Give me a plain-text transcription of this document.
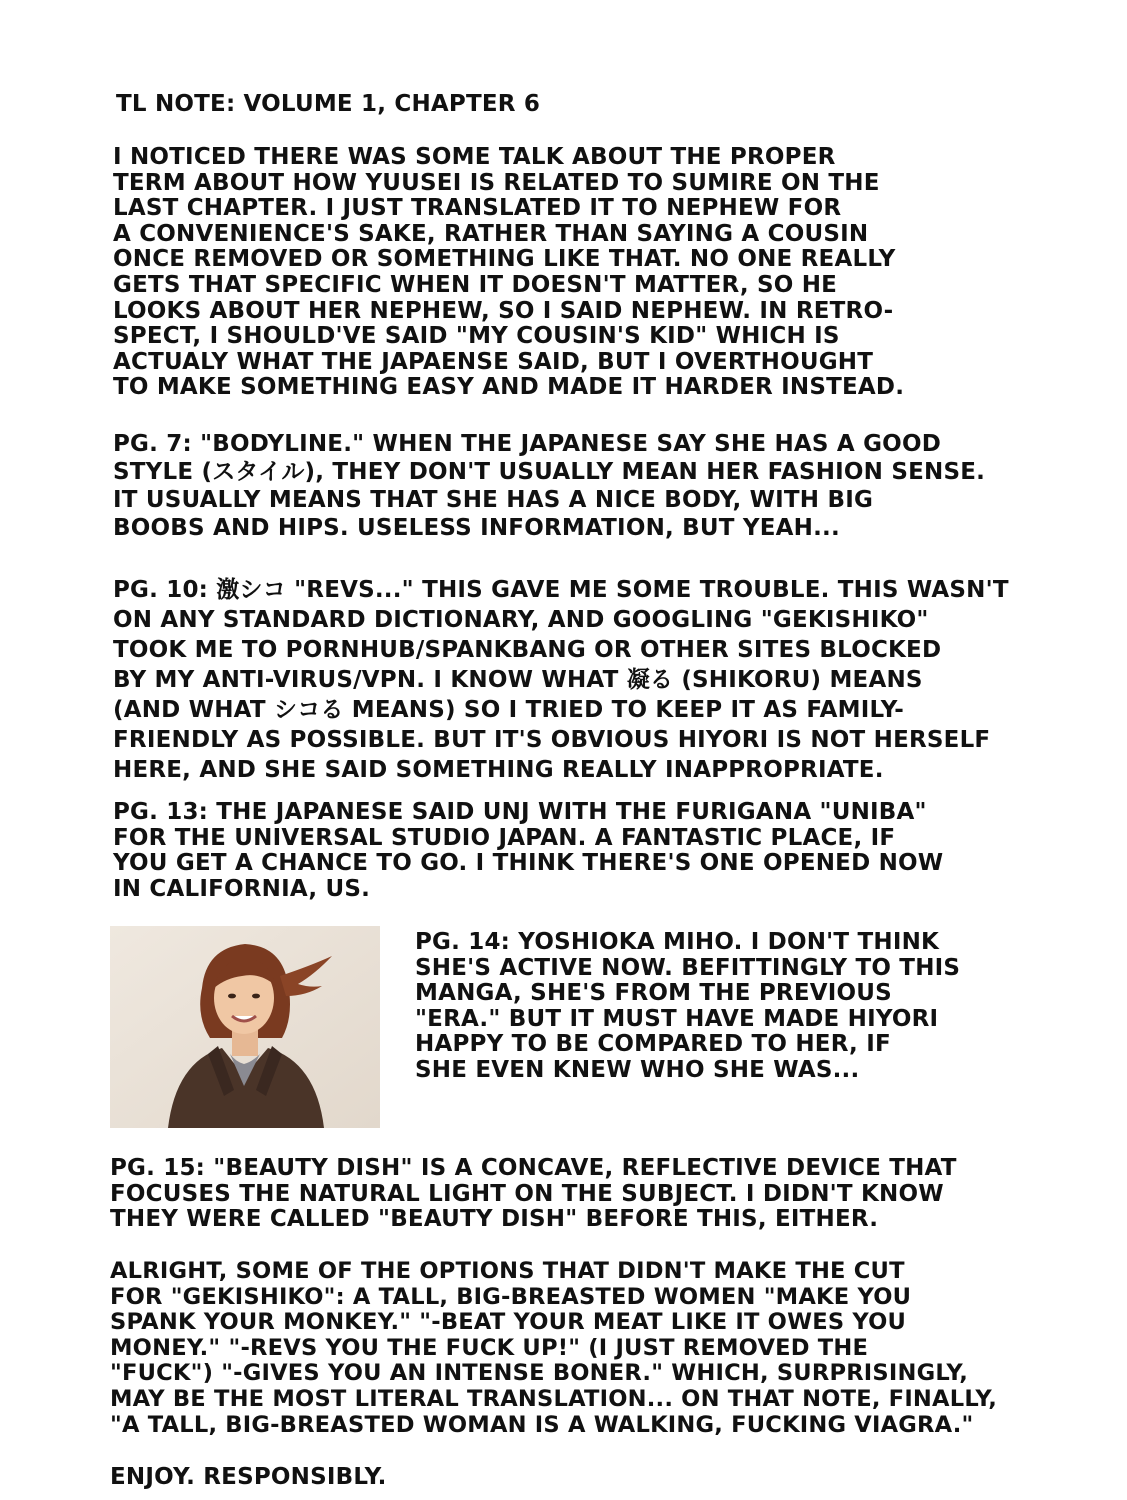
TL NOTE: VOLUME 1, CHAPTER 6

I NOTICED THERE WAS SOME TALK ABOUT THE PROPER
TERM ABOUT HOW YUUSEI IS RELATED TO SUMIRE ON THE
LAST CHAPTER. I JUST TRANSLATED IT TO NEPHEW FOR
A CONVENIENCE'S SAKE, RATHER THAN SAYING A COUSIN
ONCE REMOVED OR SOMETHING LIKE THAT. NO ONE REALLY
GETS THAT SPECIFIC WHEN IT DOESN'T MATTER, SO HE
LOOKS ABOUT HER NEPHEW, SO I SAID NEPHEW. IN RETRO-
SPECT, I SHOULD'VE SAID "MY COUSIN'S KID" WHICH IS
ACTUALY WHAT THE JAPAENSE SAID, BUT I OVERTHOUGHT
TO MAKE SOMETHING EASY AND MADE IT HARDER INSTEAD.

PG. 7: "BODYLINE." WHEN THE JAPANESE SAY SHE HAS A GOOD
STYLE (スタイル), THEY DON'T USUALLY MEAN HER FASHION SENSE.
IT USUALLY MEANS THAT SHE HAS A NICE BODY, WITH BIG
BOOBS AND HIPS. USELESS INFORMATION, BUT YEAH...

PG. 10: 激シコ "REVS..." THIS GAVE ME SOME TROUBLE. THIS WASN'T
ON ANY STANDARD DICTIONARY, AND GOOGLING "GEKISHIKO"
TOOK ME TO PORNHUB/SPANKBANG OR OTHER SITES BLOCKED
BY MY ANTI-VIRUS/VPN. I KNOW WHAT 凝る (SHIKORU) MEANS
(AND WHAT シコる MEANS) SO I TRIED TO KEEP IT AS FAMILY-
FRIENDLY AS POSSIBLE. BUT IT'S OBVIOUS HIYORI IS NOT HERSELF
HERE, AND SHE SAID SOMETHING REALLY INAPPROPRIATE.

PG. 13: THE JAPANESE SAID UNJ WITH THE FURIGANA "UNIBA"
FOR THE UNIVERSAL STUDIO JAPAN. A FANTASTIC PLACE, IF
YOU GET A CHANCE TO GO. I THINK THERE'S ONE OPENED NOW
IN CALIFORNIA, US.

PG. 14: YOSHIOKA MIHO. I DON'T THINK
SHE'S ACTIVE NOW. BEFITTINGLY TO THIS
MANGA, SHE'S FROM THE PREVIOUS
"ERA." BUT IT MUST HAVE MADE HIYORI
HAPPY TO BE COMPARED TO HER, IF
SHE EVEN KNEW WHO SHE WAS...

PG. 15: "BEAUTY DISH" IS A CONCAVE, REFLECTIVE DEVICE THAT
FOCUSES THE NATURAL LIGHT ON THE SUBJECT. I DIDN'T KNOW
THEY WERE CALLED "BEAUTY DISH" BEFORE THIS, EITHER.

ALRIGHT, SOME OF THE OPTIONS THAT DIDN'T MAKE THE CUT
FOR "GEKISHIKO": A TALL, BIG-BREASTED WOMEN "MAKE YOU
SPANK YOUR MONKEY." "-BEAT YOUR MEAT LIKE IT OWES YOU
MONEY." "-REVS YOU THE FUCK UP!" (I JUST REMOVED THE
"FUCK") "-GIVES YOU AN INTENSE BONER." WHICH, SURPRISINGLY,
MAY BE THE MOST LITERAL TRANSLATION... ON THAT NOTE, FINALLY,
"A TALL, BIG-BREASTED WOMAN IS A WALKING, FUCKING VIAGRA."

ENJOY. RESPONSIBLY.
